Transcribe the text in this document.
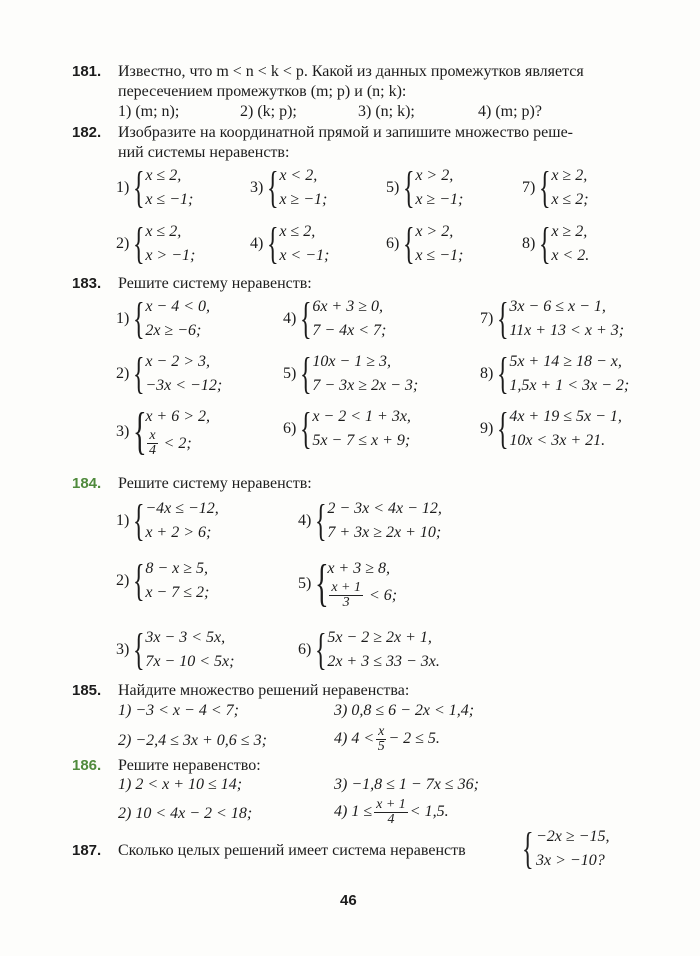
181. Известно, что m < n < k < p. Какой из данных промежутков является
пересечением промежутков (m; p) и (n; k):
1) (m; n);	2) (k; p);	3) (n; k);	4) (m; p)?
182. Изобразите на координатной прямой и запишите множество реше-
ний системы неравенств:
1) { x ≤ 2,
x ≤ −1;
3) { x < 2,
x ≥ −1;
5) { x > 2,
x ≥ −1;
7) { x ≥ 2,
x ≤ 2;
2) { x ≤ 2,
x > −1;
4) { x ≤ 2,
x < −1;
6) { x > 2,
x ≤ −1;
8) { x ≥ 2,
x < 2.
183. Решите систему неравенств:
1) { x − 4 < 0,
2x ≥ −6;
4) { 6x + 3 ≥ 0,
7 − 4x < 7;
7) { 3x − 6 ≤ x − 1,
11x + 13 < x + 3;
2) { x − 2 > 3,
−3x < −12;
5) { 10x − 1 ≥ 3,
7 − 3x ≥ 2x − 3;
8) { 5x + 14 ≥ 18 − x,
1,5x + 1 < 3x − 2;
3) {
x + 6 > 2,
$\frac{x}{4} < 2$;
6) { x − 2 < 1 + 3x,
5x − 7 ≤ x + 9;
9) { 4x + 19 ≤ 5x − 1,
10x < 3x + 21.
184. Решите систему неравенств:
1) { −4x ≤ −12,
x + 2 > 6;
4) { 2 − 3x < 4x − 12,
7 + 3x ≥ 2x + 10;
2) { 8 − x ≥ 5,
x − 7 ≤ 2;
5) {
x + 3 ≥ 8,
$\frac{x + 1}{3} < 6$;
3) { 3x − 3 < 5x,
7x − 10 < 5x;
6) { 5x − 2 ≥ 2x + 1,
2x + 3 ≤ 33 − 3x.
185. Найдите множество решений неравенства:
1) −3 < x − 4 < 7;	3) 0,8 ≤ 6 − 2x < 1,4;
2) −2,4 ≤ 3x + 0,6 ≤ 3;	4) $4 < \frac{x}{5} - 2 \le 5$.
186. Решите неравенство:
1) 2 < x + 10 ≤ 14;	3) −1,8 ≤ 1 − 7x ≤ 36;
2) 10 < 4x − 2 < 18;	4) $1 \le \frac{x + 1}{4} < 1,5$.
187. Сколько целых решений имеет система неравенств { −2x ≥ −15,
3x > −10?
46
